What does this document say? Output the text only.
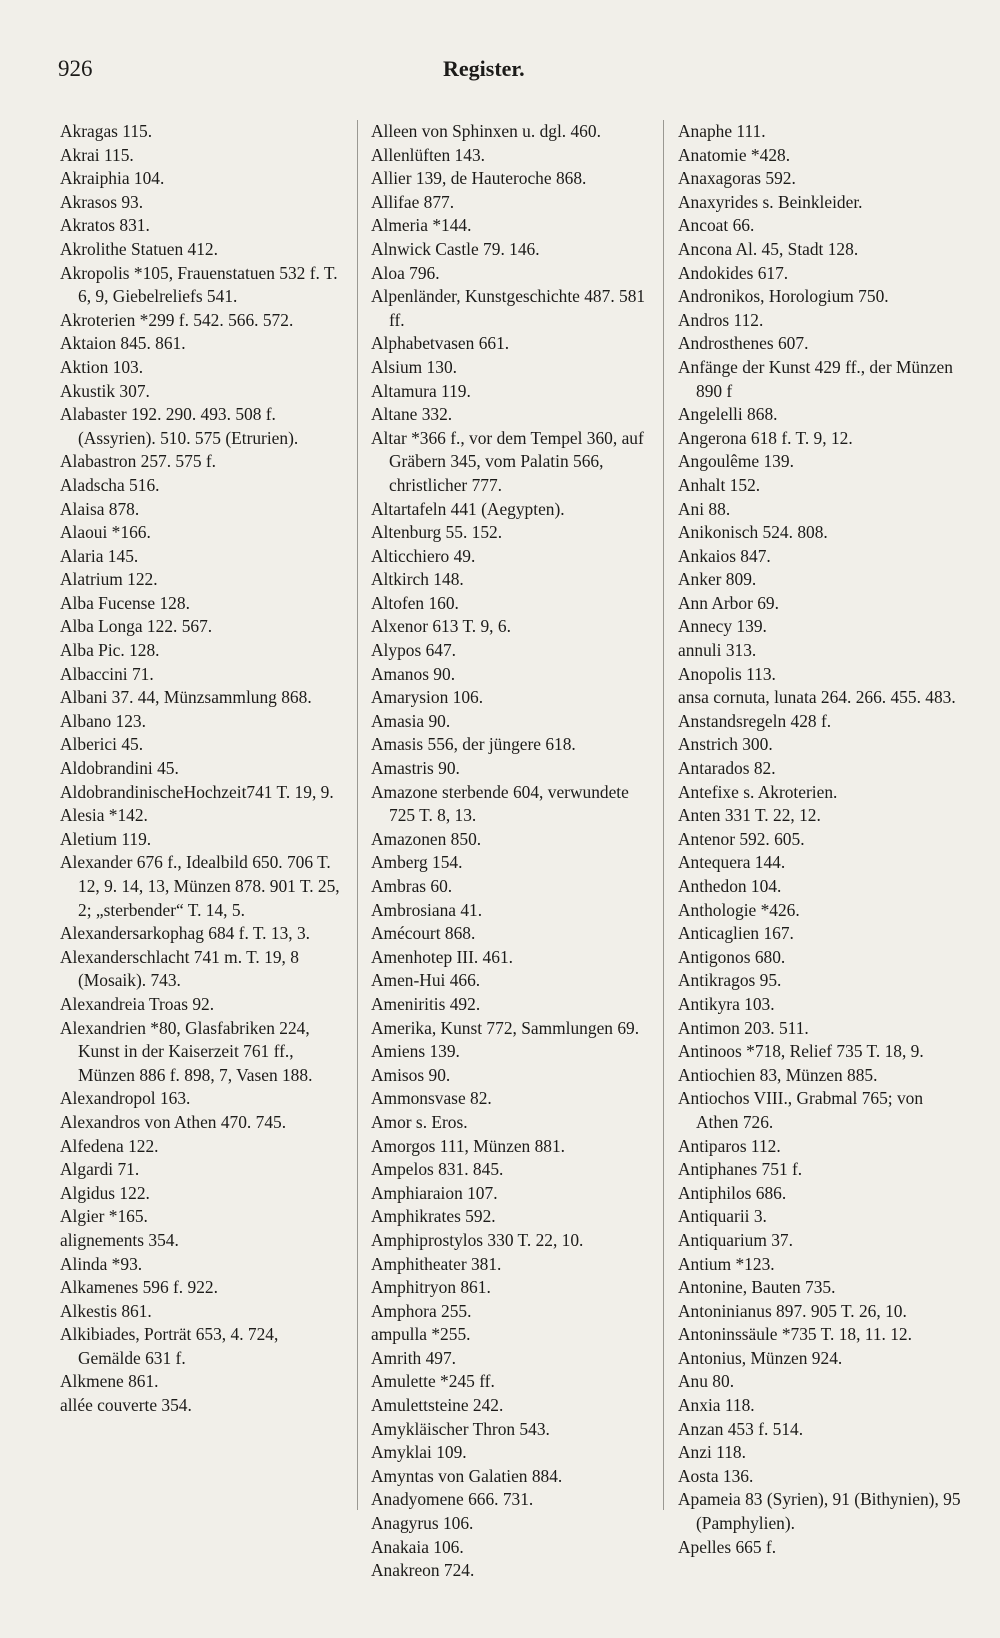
926	Register.

Akragas 115.

Akrai 115.

Akraiphia 104.

Akrasos 93.

Akratos 831.

Akrolithe Statuen 412.

Akropolis *105, Frauenstatuen 532 f. T. 6, 9, Giebelreliefs 541.

Akroterien *299 f. 542. 566. 572.

Aktaion 845. 861.

Aktion 103.

Akustik 307.

Alabaster 192. 290. 493. 508 f. (Assyrien). 510. 575 (Etrurien).

Alabastron 257. 575 f.

Aladscha 516.

Alaisa 878.

Alaoui *166.

Alaria 145.

Alatrium 122.

Alba Fucense 128.

Alba Longa 122. 567.

Alba Pic. 128.

Albaccini 71.

Albani 37. 44, Münzsammlung 868.

Albano 123.

Alberici 45.

Aldobrandini 45.

AldobrandinischeHochzeit741 T. 19, 9.

Alesia *142.

Aletium 119.

Alexander 676 f., Idealbild 650. 706 T. 12, 9. 14, 13, Münzen 878. 901 T. 25, 2; „sterbender“ T. 14, 5.

Alexandersarkophag 684 f. T. 13, 3.

Alexanderschlacht 741 m. T. 19, 8 (Mosaik). 743.

Alexandreia Troas 92.

Alexandrien *80, Glasfabriken 224, Kunst in der Kaiserzeit 761 ff., Münzen 886 f. 898, 7, Vasen 188.

Alexandropol 163.

Alexandros von Athen 470. 745.

Alfedena 122.

Algardi 71.

Algidus 122.

Algier *165.

alignements 354.

Alinda *93.

Alkamenes 596 f. 922.

Alkestis 861.

Alkibiades, Porträt 653, 4. 724, Gemälde 631 f.

Alkmene 861.

allée couverte 354.

Alleen von Sphinxen u. dgl. 460.

Allenlüften 143.

Allier 139, de Hauteroche 868.

Allifae 877.

Almeria *144.

Alnwick Castle 79. 146.

Aloa 796.

Alpenländer, Kunstgeschichte 487. 581 ff.

Alphabetvasen 661.

Alsium 130.

Altamura 119.

Altane 332.

Altar *366 f., vor dem Tempel 360, auf Gräbern 345, vom Palatin 566, christlicher 777.

Altartafeln 441 (Aegypten).

Altenburg 55. 152.

Alticchiero 49.

Altkirch 148.

Altofen 160.

Alxenor 613 T. 9, 6.

Alypos 647.

Amanos 90.

Amarysion 106.

Amasia 90.

Amasis 556, der jüngere 618.

Amastris 90.

Amazone sterbende 604, verwundete 725 T. 8, 13.

Amazonen 850.

Amberg 154.

Ambras 60.

Ambrosiana 41.

Amécourt 868.

Amenhotep III. 461.

Amen-Hui 466.

Ameniritis 492.

Amerika, Kunst 772, Sammlungen 69.

Amiens 139.

Amisos 90.

Ammonsvase 82.

Amor s. Eros.

Amorgos 111, Münzen 881.

Ampelos 831. 845.

Amphiaraion 107.

Amphikrates 592.

Amphiprostylos 330 T. 22, 10.

Amphitheater 381.

Amphitryon 861.

Amphora 255.

ampulla *255.

Amrith 497.

Amulette *245 ff.

Amulettsteine 242.

Amykläischer Thron 543.

Amyklai 109.

Amyntas von Galatien 884.

Anadyomene 666. 731.

Anagyrus 106.

Anakaia 106.

Anakreon 724.

Anaphe 111.

Anatomie *428.

Anaxagoras 592.

Anaxyrides s. Beinkleider.

Ancoat 66.

Ancona Al. 45, Stadt 128.

Andokides 617.

Andronikos, Horologium 750.

Andros 112.

Androsthenes 607.

Anfänge der Kunst 429 ff., der Münzen 890 f

Angelelli 868.

Angerona 618 f. T. 9, 12.

Angoulême 139.

Anhalt 152.

Ani 88.

Anikonisch 524. 808.

Ankaios 847.

Anker 809.

Ann Arbor 69.

Annecy 139.

annuli 313.

Anopolis 113.

ansa cornuta, lunata 264. 266. 455. 483.

Anstandsregeln 428 f.

Anstrich 300.

Antarados 82.

Antefixe s. Akroterien.

Anten 331 T. 22, 12.

Antenor 592. 605.

Antequera 144.

Anthedon 104.

Anthologie *426.

Anticaglien 167.

Antigonos 680.

Antikragos 95.

Antikyra 103.

Antimon 203. 511.

Antinoos *718, Relief 735 T. 18, 9.

Antiochien 83, Münzen 885.

Antiochos VIII., Grabmal 765; von Athen 726.

Antiparos 112.

Antiphanes 751 f.

Antiphilos 686.

Antiquarii 3.

Antiquarium 37.

Antium *123.

Antonine, Bauten 735.

Antoninianus 897. 905 T. 26, 10.

Antoninssäule *735 T. 18, 11. 12.

Antonius, Münzen 924.

Anu 80.

Anxia 118.

Anzan 453 f. 514.

Anzi 118.

Aosta 136.

Apameia 83 (Syrien), 91 (Bithynien), 95 (Pamphylien).

Apelles 665 f.
